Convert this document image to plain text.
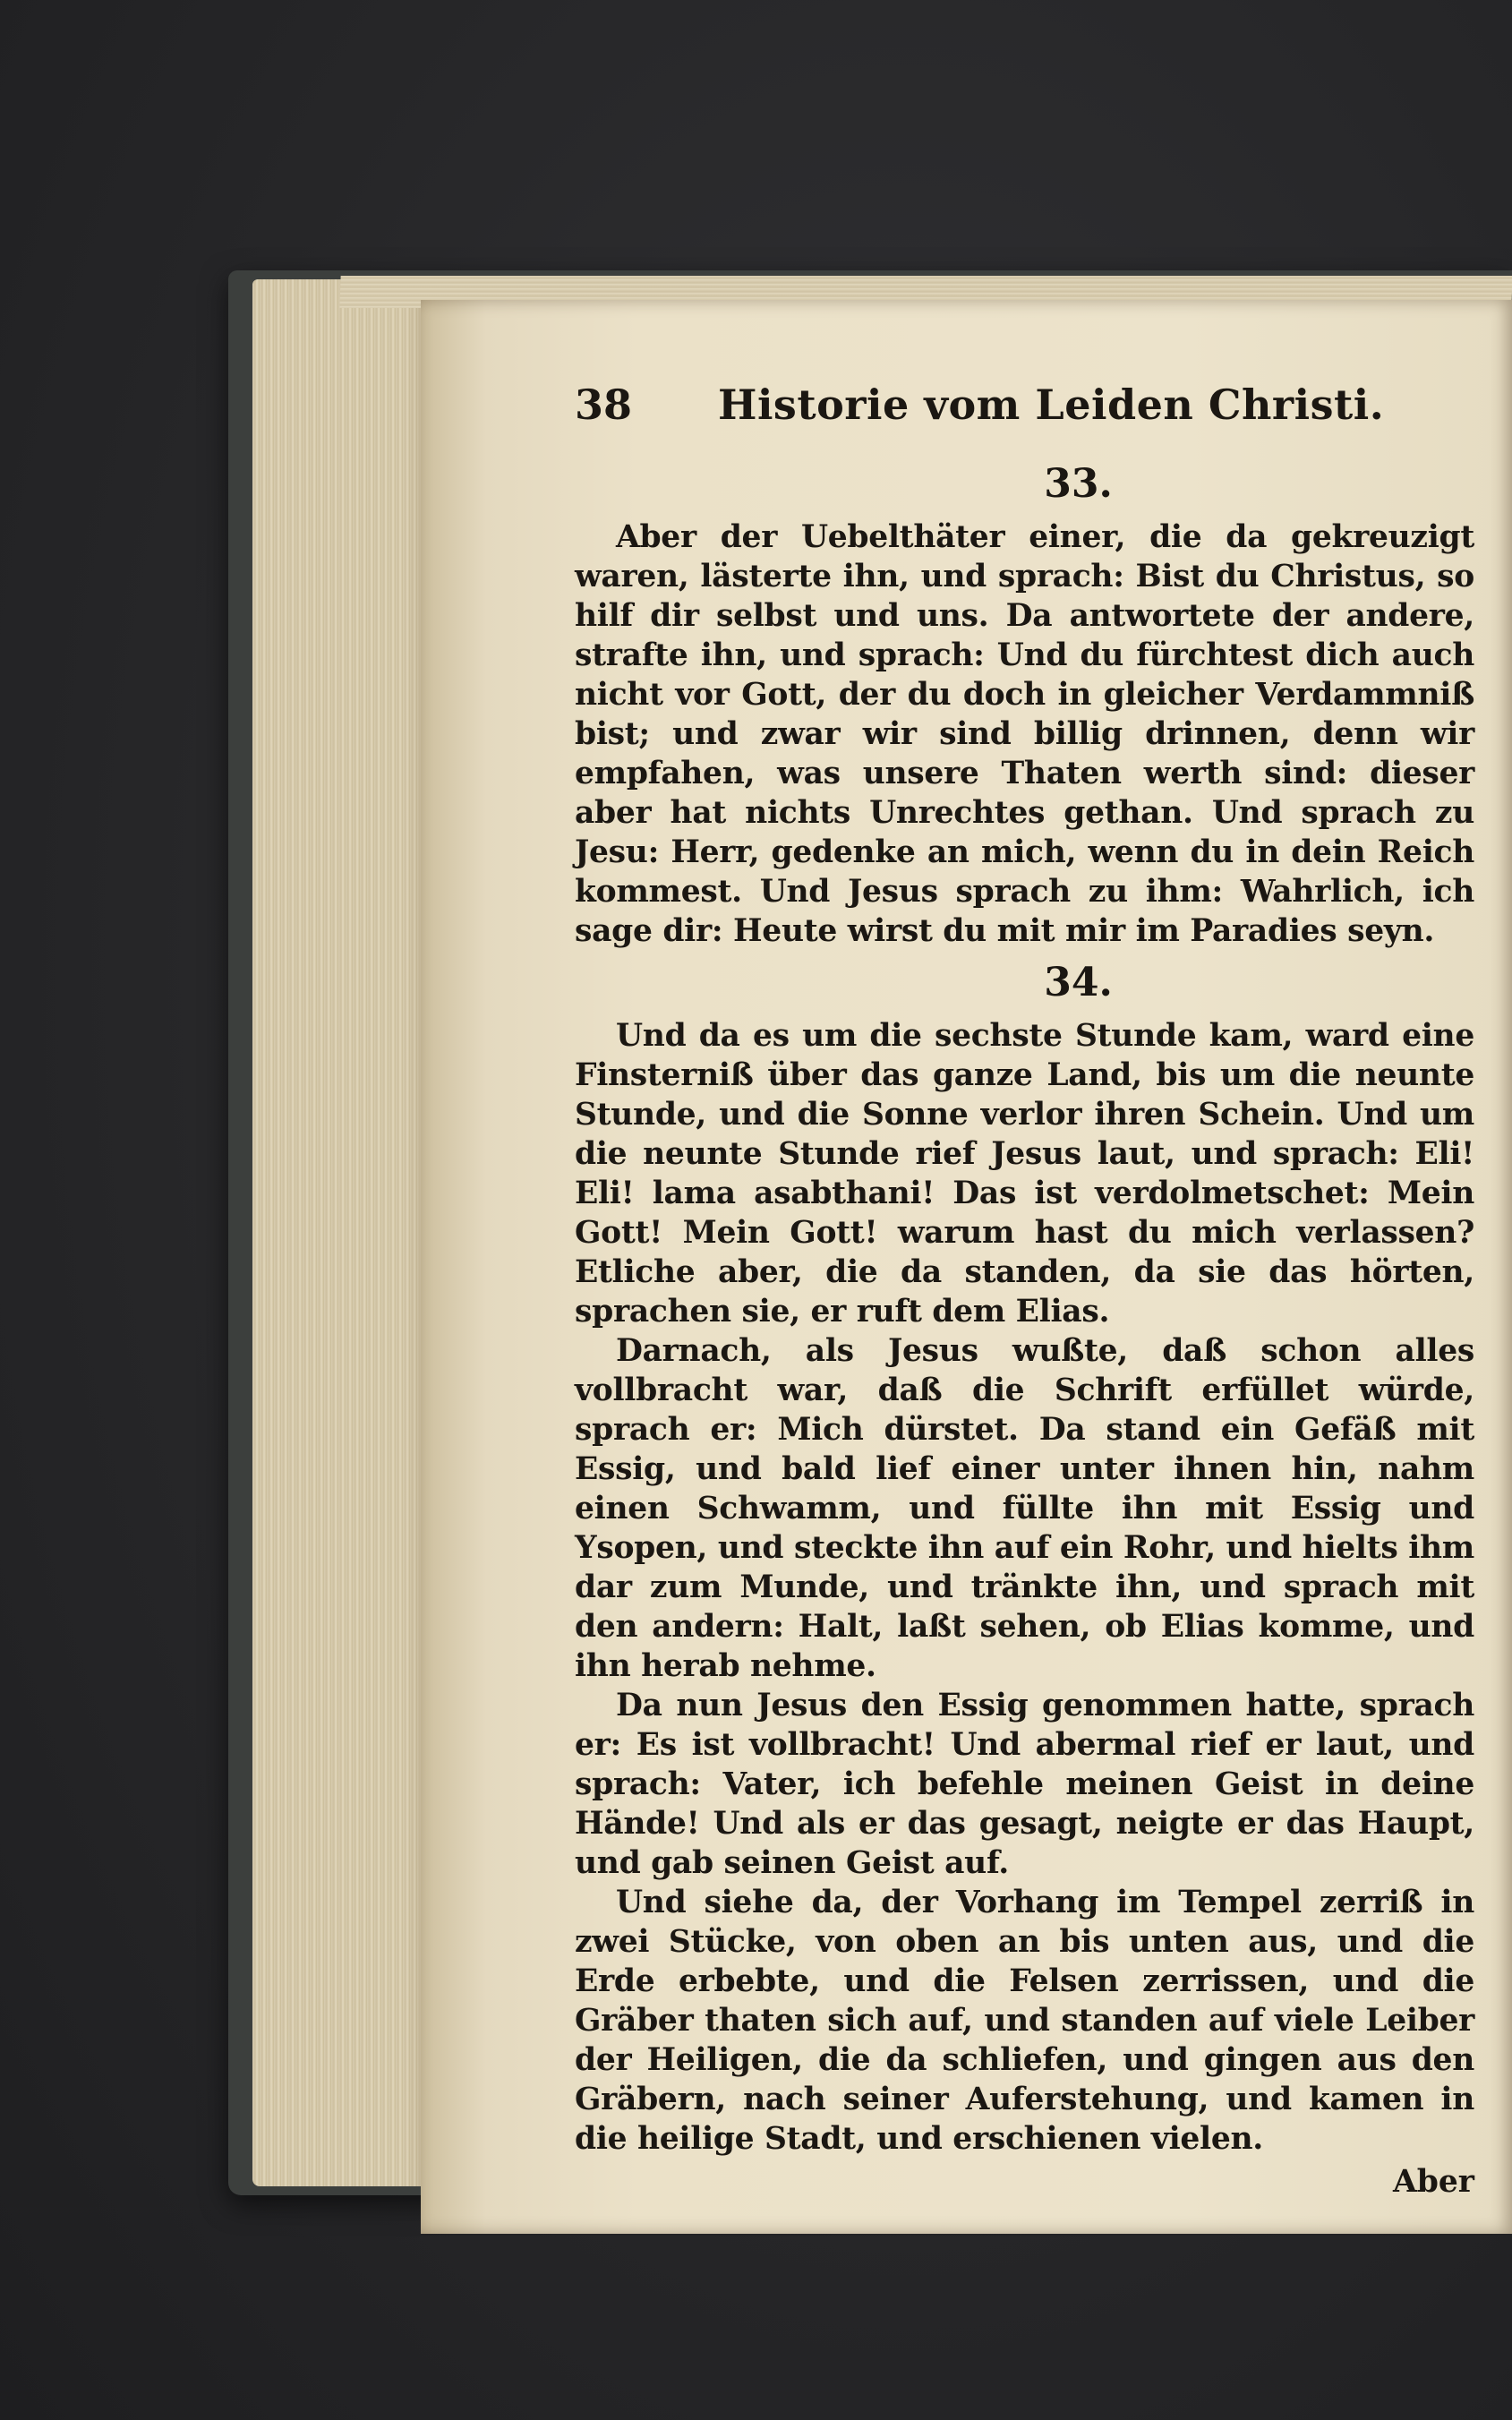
38 Historie vom Leiden Christi.
33.

Aber der Uebelthäter einer, die da gekreuzigt waren, lästerte ihn, und sprach: Bist du Christus, so hilf dir selbst und uns. Da antwortete der andere, strafte ihn, und sprach: Und du fürchtest dich auch nicht vor Gott, der du doch in gleicher Verdammniß bist; und zwar wir sind billig drinnen, denn wir empfahen, was unsere Thaten werth sind: dieser aber hat nichts Unrechtes gethan. Und sprach zu Jesu: Herr, gedenke an mich, wenn du in dein Reich kommest. Und Jesus sprach zu ihm: Wahrlich, ich sage dir: Heute wirst du mit mir im Paradies seyn.

34.

Und da es um die sechste Stunde kam, ward eine Finsterniß über das ganze Land, bis um die neunte Stunde, und die Sonne verlor ihren Schein. Und um die neunte Stunde rief Jesus laut, und sprach: Eli! Eli! lama asabthani! Das ist verdolmetschet: Mein Gott! Mein Gott! warum hast du mich verlassen? Etliche aber, die da standen, da sie das hörten, sprachen sie, er ruft dem Elias.

Darnach, als Jesus wußte, daß schon alles vollbracht war, daß die Schrift erfüllet würde, sprach er: Mich dürstet. Da stand ein Gefäß mit Essig, und bald lief einer unter ihnen hin, nahm einen Schwamm, und füllte ihn mit Essig und Ysopen, und steckte ihn auf ein Rohr, und hielts ihm dar zum Munde, und tränkte ihn, und sprach mit den andern: Halt, laßt sehen, ob Elias komme, und ihn herab nehme.

Da nun Jesus den Essig genommen hatte, sprach er: Es ist vollbracht! Und abermal rief er laut, und sprach: Vater, ich befehle meinen Geist in deine Hände! Und als er das gesagt, neigte er das Haupt, und gab seinen Geist auf.

Und siehe da, der Vorhang im Tempel zerriß in zwei Stücke, von oben an bis unten aus, und die Erde erbebte, und die Felsen zerrissen, und die Gräber thaten sich auf, und standen auf viele Leiber der Heiligen, die da schliefen, und gingen aus den Gräbern, nach seiner Auferstehung, und kamen in die heilige Stadt, und erschienen vielen.

Aber
